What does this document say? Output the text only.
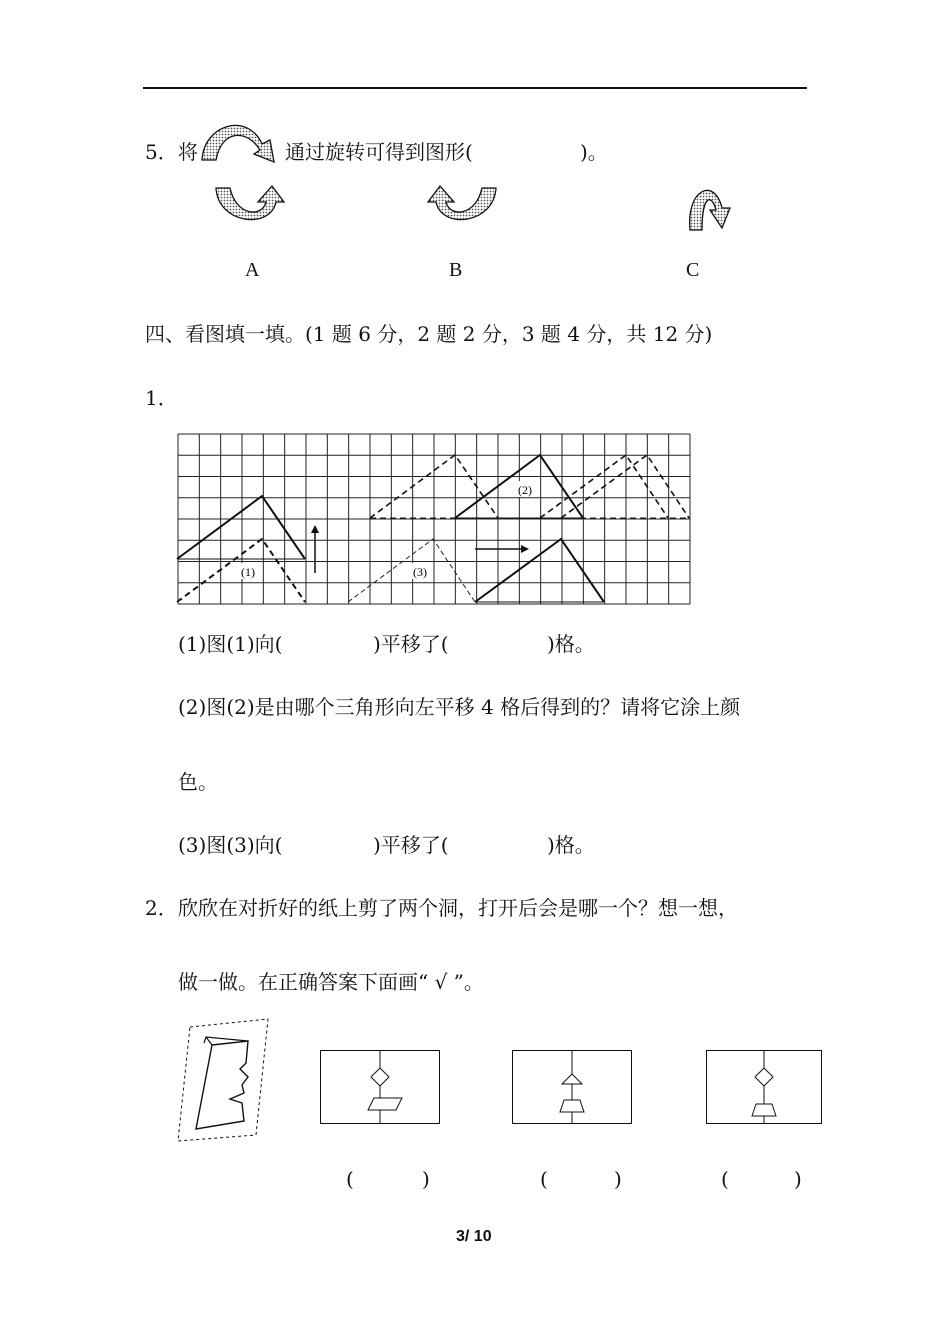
5． 将	通过旋转可得到图形(	)。
A	B	C
四、看图填一填。(1 题 6 分，2 题 2 分，3 题 4 分，共 12 分)
1．
(1)
(2)
(3)
(1)图(1)向(	)平移了(	)格。
(2)图(2)是由哪个三角形向左平移 4 格后得到的？请将它涂上颜
色。
(3)图(3)向(	)平移了(	)格。
2． 欣欣在对折好的纸上剪了两个洞，打开后会是哪一个？想一想，
做一做。在正确答案下面画“ √ ”。
(	)	(	)	(	)
3/ 10
